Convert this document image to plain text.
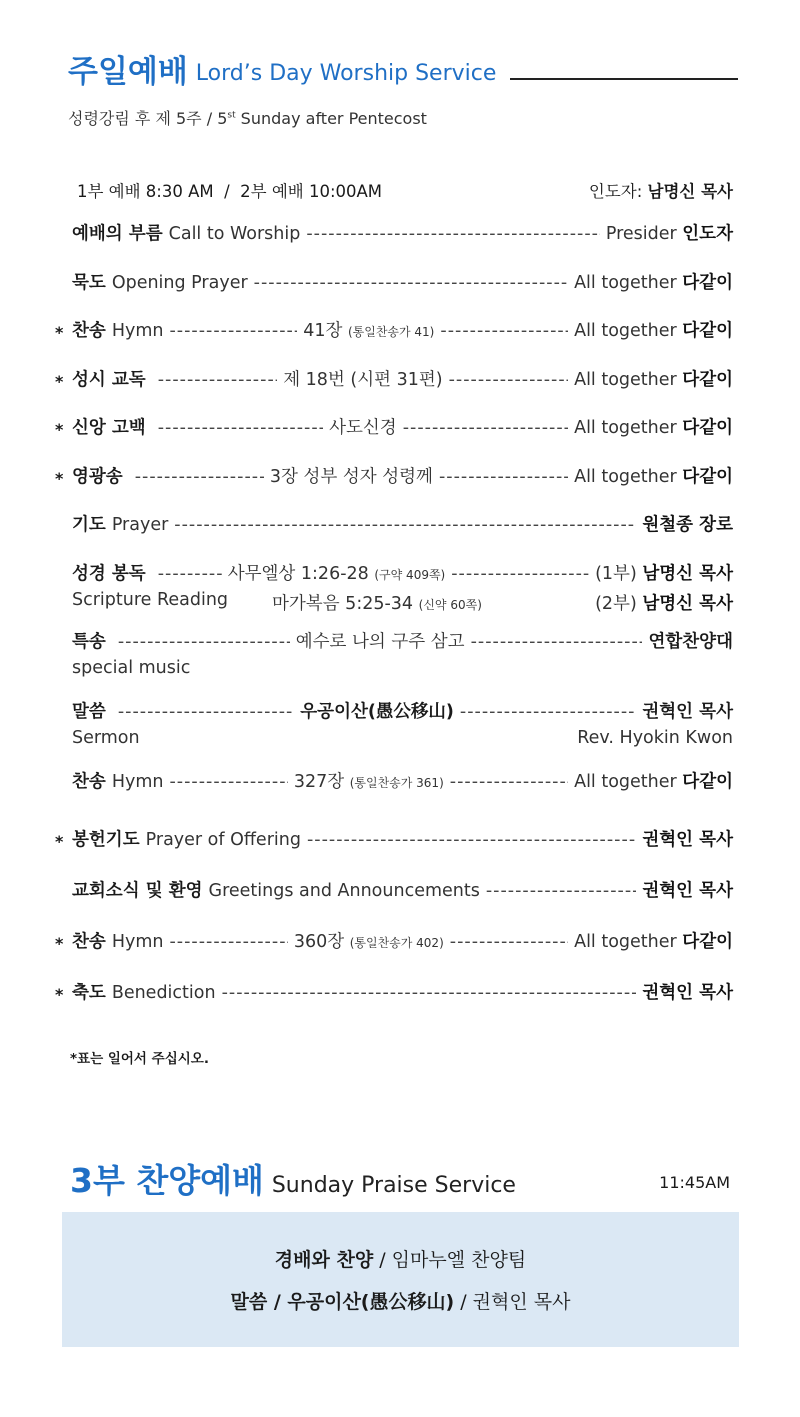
주일예배 Lord’s Day Worship Service
성령강림 후 제 5주 / 5st Sunday after Pentecost
1부 예배 8:30 AM  /  2부 예배 10:00AM	인도자: 남명신 목사
예배의 부름 Call to Worship -----	Presider 인도자
묵도 Opening Prayer -----	All together 다같이
* 찬송 Hymn -----	41장 (통일찬송가 41) -----	All together 다같이
* 성시 교독 -----	제 18번 (시편 31편) -----	All together 다같이
* 신앙 고백 -----	사도신경 -----	All together 다같이
* 영광송 -----	3장 성부 성자 성령께 -----	All together 다같이
기도 Prayer -----	원철종 장로
성경 봉독 -----	사무엘상 1:26-28 (구약 409쪽) -----	(1부) 남명신 목사
Scripture Reading	마가복음 5:25-34 (신약 60쪽)	(2부) 남명신 목사
특송 -----	예수로 나의 구주 삼고 -----	연합찬양대
special music
말씀 -----	우공이산(愚公移山) -----	권혁인 목사
Sermon	Rev. Hyokin Kwon
찬송 Hymn -----	327장 (통일찬송가 361) -----	All together 다같이
* 봉헌기도 Prayer of Offering -----	권혁인 목사
교회소식 및 환영 Greetings and Announcements -----	권혁인 목사
* 찬송 Hymn -----	360장 (통일찬송가 402) -----	All together 다같이
* 축도 Benediction -----	권혁인 목사
*표는 일어서 주십시오.
3부 찬양예배 Sunday Praise Service	11:45AM
경배와 찬양 / 임마누엘 찬양팀
말씀 / 우공이산(愚公移山) / 권혁인 목사
